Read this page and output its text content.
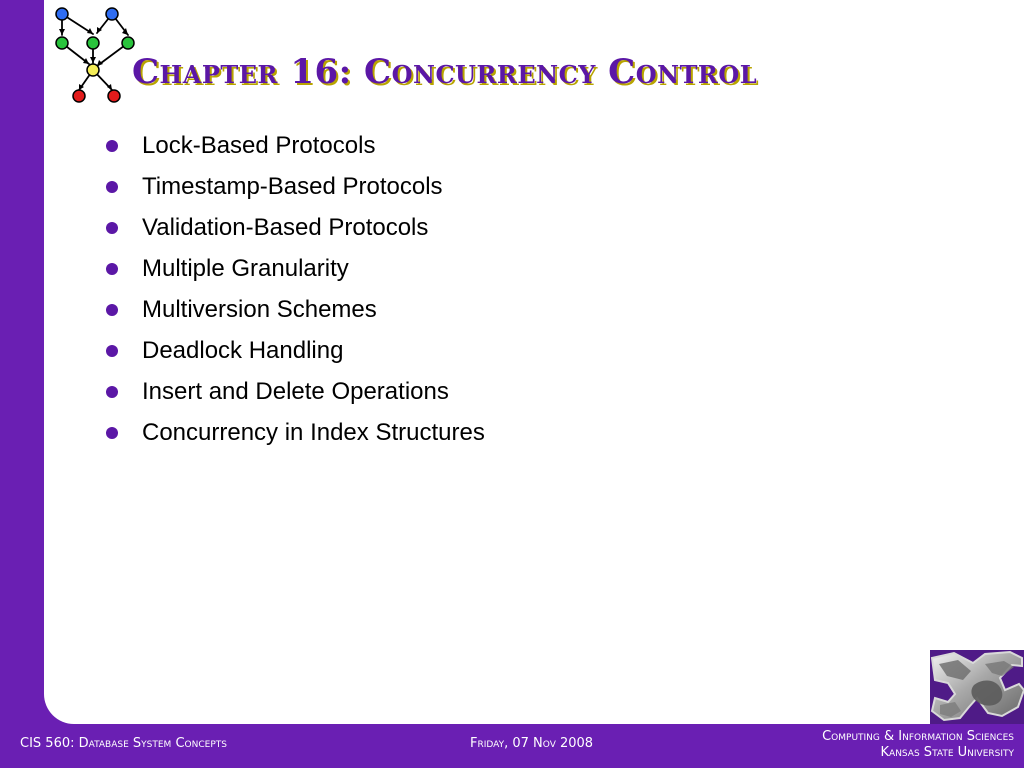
Chapter 16: Concurrency Control
Lock-Based Protocols
Timestamp-Based Protocols
Validation-Based Protocols
Multiple Granularity
Multiversion Schemes
Deadlock Handling
Insert and Delete Operations
Concurrency in Index Structures
CIS 560: Database System Concepts	Friday, 07 Nov 2008	Computing & Information Sciences
Kansas State University
